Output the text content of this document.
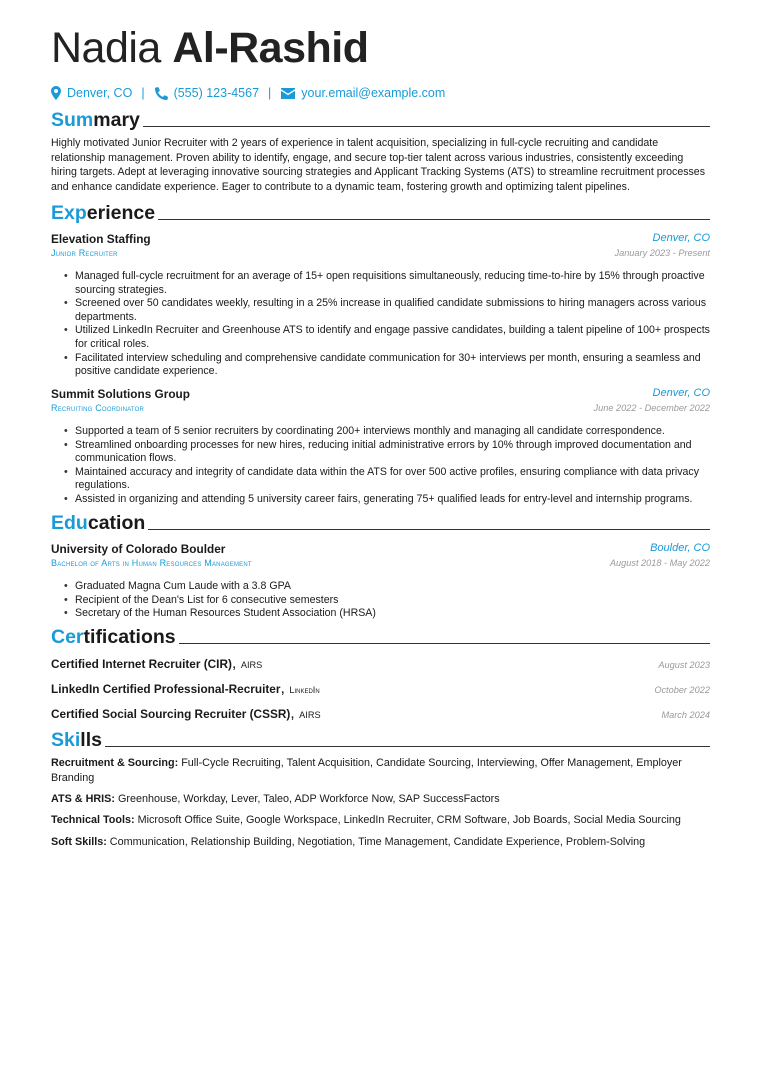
Nadia Al-Rashid
Denver, CO | (555) 123-4567 | your.email@example.com
Summary
Highly motivated Junior Recruiter with 2 years of experience in talent acquisition, specializing in full-cycle recruiting and candidate relationship management. Proven ability to identify, engage, and secure top-tier talent across various industries, consistently exceeding hiring targets. Adept at leveraging innovative sourcing strategies and Applicant Tracking Systems (ATS) to streamline recruitment processes and enhance candidate experience. Eager to contribute to a dynamic team, fostering growth and optimizing talent pipelines.
Experience
Elevation Staffing	Denver, CO
Junior Recruiter	January 2023 - Present
• Managed full-cycle recruitment for an average of 15+ open requisitions simultaneously, reducing time-to-hire by 15% through proactive sourcing strategies.
• Screened over 50 candidates weekly, resulting in a 25% increase in qualified candidate submissions to hiring managers across various departments.
• Utilized LinkedIn Recruiter and Greenhouse ATS to identify and engage passive candidates, building a talent pipeline of 100+ prospects for critical roles.
• Facilitated interview scheduling and comprehensive candidate communication for 30+ interviews per month, ensuring a seamless and positive candidate experience.
Summit Solutions Group	Denver, CO
Recruiting Coordinator	June 2022 - December 2022
• Supported a team of 5 senior recruiters by coordinating 200+ interviews monthly and managing all candidate correspondence.
• Streamlined onboarding processes for new hires, reducing initial administrative errors by 10% through improved documentation and communication flows.
• Maintained accuracy and integrity of candidate data within the ATS for over 500 active profiles, ensuring compliance with data privacy regulations.
• Assisted in organizing and attending 5 university career fairs, generating 75+ qualified leads for entry-level and internship programs.
Education
University of Colorado Boulder	Boulder, CO
Bachelor of Arts in Human Resources Management	August 2018 - May 2022
• Graduated Magna Cum Laude with a 3.8 GPA
• Recipient of the Dean's List for 6 consecutive semesters
• Secretary of the Human Resources Student Association (HRSA)
Certifications
Certified Internet Recruiter (CIR), AIRS	August 2023
LinkedIn Certified Professional-Recruiter, LinkedIn	October 2022
Certified Social Sourcing Recruiter (CSSR), AIRS	March 2024
Skills
Recruitment & Sourcing: Full-Cycle Recruiting, Talent Acquisition, Candidate Sourcing, Interviewing, Offer Management, Employer Branding
ATS & HRIS: Greenhouse, Workday, Lever, Taleo, ADP Workforce Now, SAP SuccessFactors
Technical Tools: Microsoft Office Suite, Google Workspace, LinkedIn Recruiter, CRM Software, Job Boards, Social Media Sourcing
Soft Skills: Communication, Relationship Building, Negotiation, Time Management, Candidate Experience, Problem-Solving
